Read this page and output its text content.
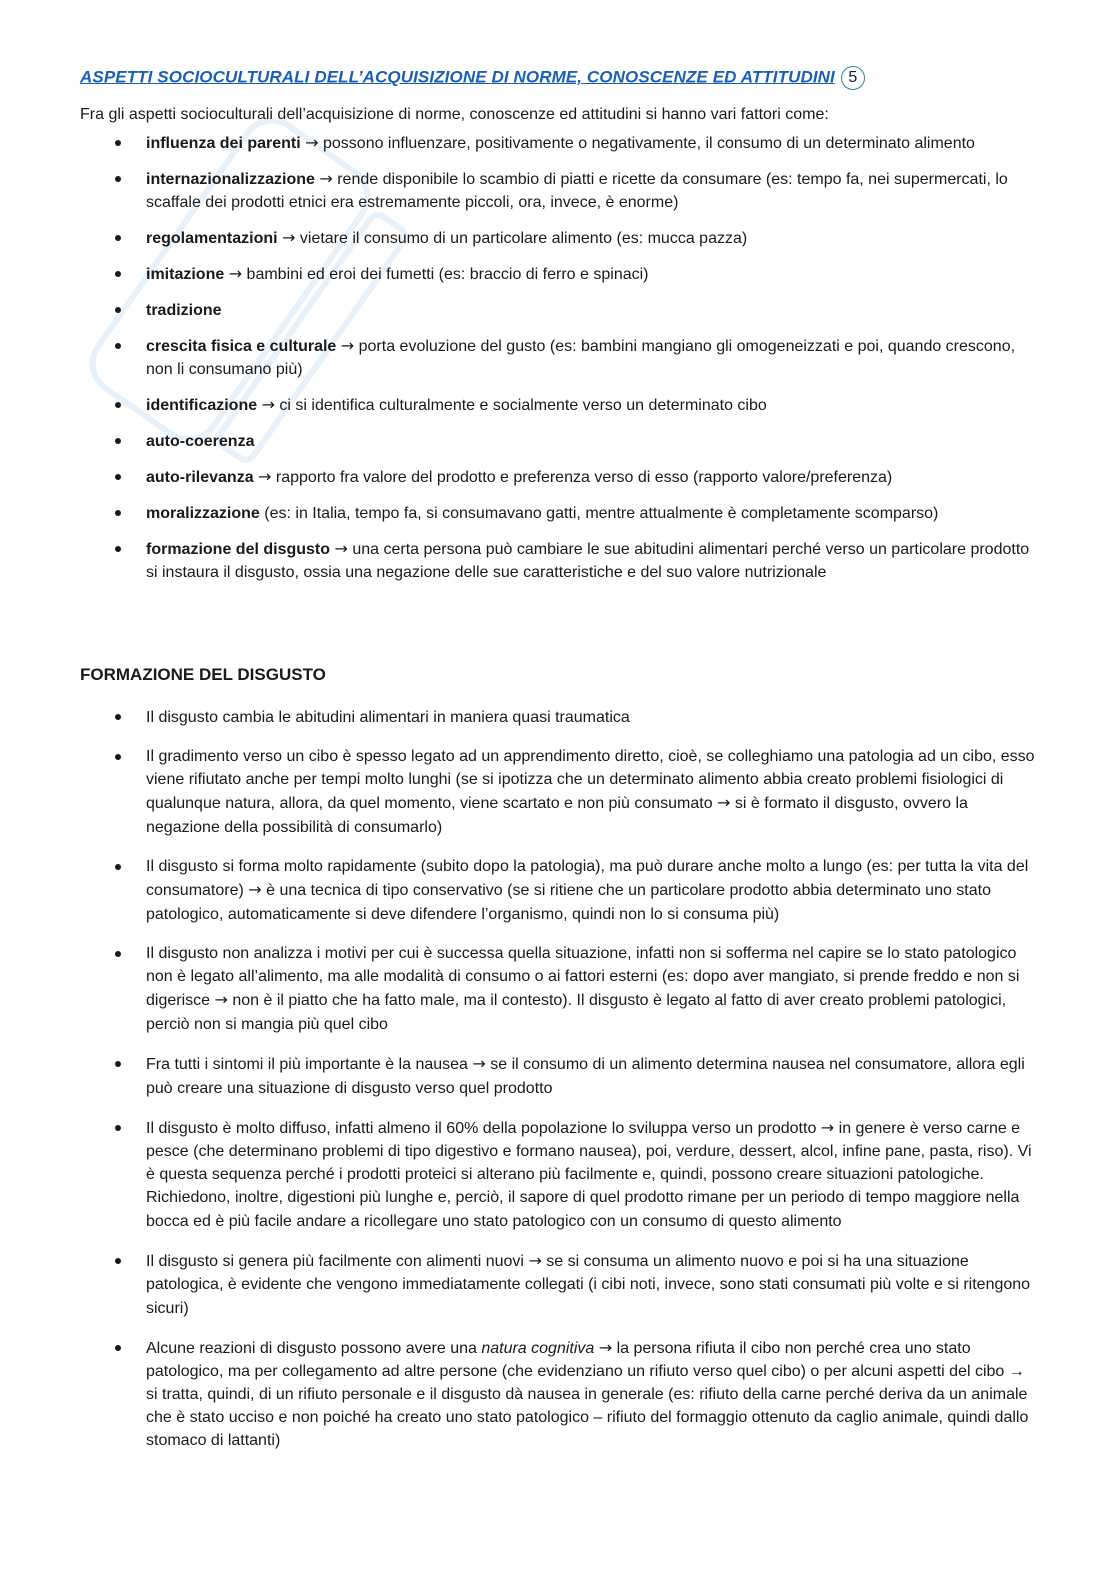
ASPETTI SOCIOCULTURALI DELL’ACQUISIZIONE DI NORME, CONOSCENZE ED ATTITUDINI 5
Fra gli aspetti socioculturali dell’acquisizione di norme, conoscenze ed attitudini si hanno vari fattori come:
influenza dei parenti → possono influenzare, positivamente o negativamente, il consumo di un determinato alimento
internazionalizzazione → rende disponibile lo scambio di piatti e ricette da consumare (es: tempo fa, nei supermercati, lo scaffale dei prodotti etnici era estremamente piccoli, ora, invece, è enorme)
regolamentazioni → vietare il consumo di un particolare alimento (es: mucca pazza)
imitazione → bambini ed eroi dei fumetti (es: braccio di ferro e spinaci)
tradizione
crescita fisica e culturale → porta evoluzione del gusto (es: bambini mangiano gli omogeneizzati e poi, quando crescono, non li consumano più)
identificazione → ci si identifica culturalmente e socialmente verso un determinato cibo
auto-coerenza
auto-rilevanza → rapporto fra valore del prodotto e preferenza verso di esso (rapporto valore/preferenza)
moralizzazione (es: in Italia, tempo fa, si consumavano gatti, mentre attualmente è completamente scomparso)
formazione del disgusto → una certa persona può cambiare le sue abitudini alimentari perché verso un particolare prodotto si instaura il disgusto, ossia una negazione delle sue caratteristiche e del suo valore nutrizionale
FORMAZIONE DEL DISGUSTO
Il disgusto cambia le abitudini alimentari in maniera quasi traumatica
Il gradimento verso un cibo è spesso legato ad un apprendimento diretto, cioè, se colleghiamo una patologia ad un cibo, esso viene rifiutato anche per tempi molto lunghi (se si ipotizza che un determinato alimento abbia creato problemi fisiologici di qualunque natura, allora, da quel momento, viene scartato e non più consumato → si è formato il disgusto, ovvero la negazione della possibilità di consumarlo)
Il disgusto si forma molto rapidamente (subito dopo la patologia), ma può durare anche molto a lungo (es: per tutta la vita del consumatore) → è una tecnica di tipo conservativo (se si ritiene che un particolare prodotto abbia determinato uno stato patologico, automaticamente si deve difendere l’organismo, quindi non lo si consuma più)
Il disgusto non analizza i motivi per cui è successa quella situazione, infatti non si sofferma nel capire se lo stato patologico non è legato all’alimento, ma alle modalità di consumo o ai fattori esterni (es: dopo aver mangiato, si prende freddo e non si digerisce → non è il piatto che ha fatto male, ma il contesto). Il disgusto è legato al fatto di aver creato problemi patologici, perciò non si mangia più quel cibo
Fra tutti i sintomi il più importante è la nausea → se il consumo di un alimento determina nausea nel consumatore, allora egli può creare una situazione di disgusto verso quel prodotto
Il disgusto è molto diffuso, infatti almeno il 60% della popolazione lo sviluppa verso un prodotto → in genere è verso carne e pesce (che determinano problemi di tipo digestivo e formano nausea), poi, verdure, dessert, alcol, infine pane, pasta, riso). Vi è questa sequenza perché i prodotti proteici si alterano più facilmente e, quindi, possono creare situazioni patologiche. Richiedono, inoltre, digestioni più lunghe e, perciò, il sapore di quel prodotto rimane per un periodo di tempo maggiore nella bocca ed è più facile andare a ricollegare uno stato patologico con un consumo di questo alimento
Il disgusto si genera più facilmente con alimenti nuovi → se si consuma un alimento nuovo e poi si ha una situazione patologica, è evidente che vengono immediatamente collegati (i cibi noti, invece, sono stati consumati più volte e si ritengono sicuri)
Alcune reazioni di disgusto possono avere una natura cognitiva → la persona rifiuta il cibo non perché crea uno stato patologico, ma per collegamento ad altre persone (che evidenziano un rifiuto verso quel cibo) o per alcuni aspetti del cibo → si tratta, quindi, di un rifiuto personale e il disgusto dà nausea in generale (es: rifiuto della carne perché deriva da un animale che è stato ucciso e non poiché ha creato uno stato patologico – rifiuto del formaggio ottenuto da caglio animale, quindi dallo stomaco di lattanti)
